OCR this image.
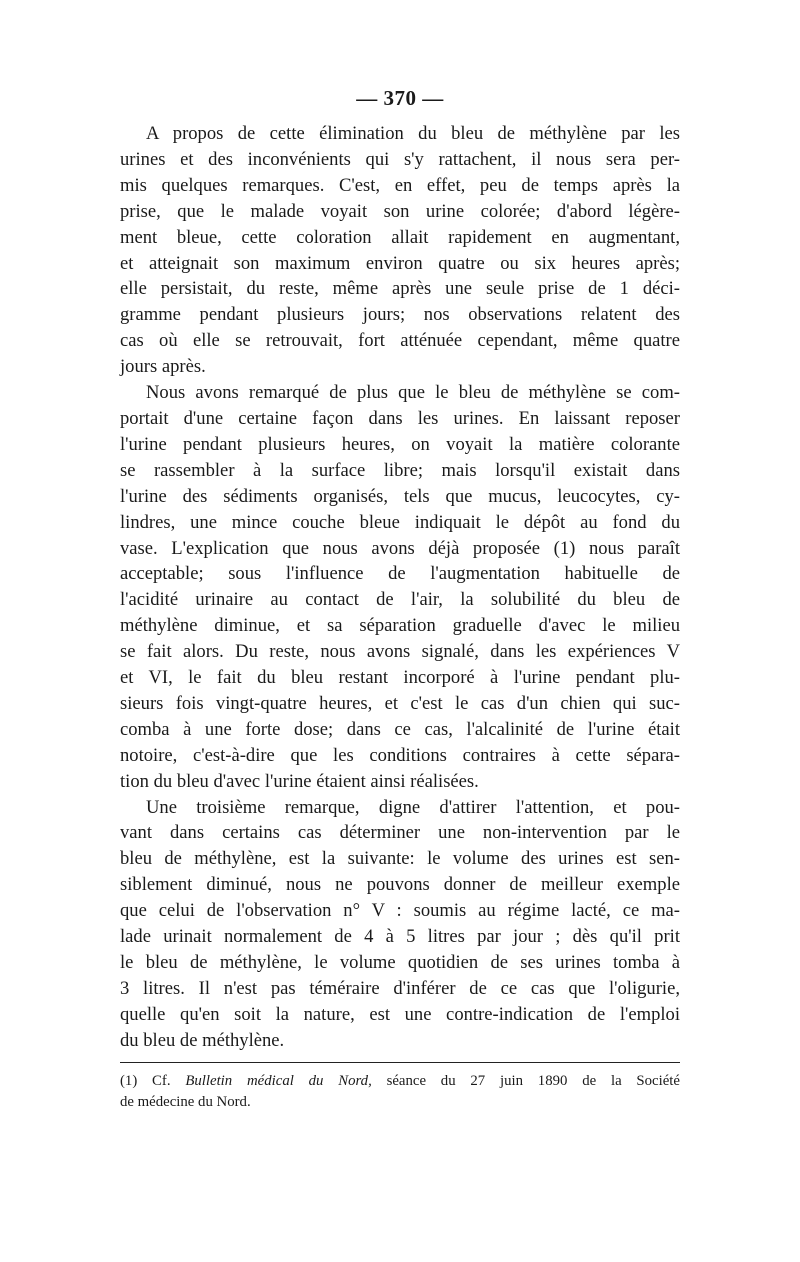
— 370 —
A propos de cette élimination du bleu de méthylène par les
urines et des inconvénients qui s'y rattachent, il nous sera per-
mis quelques remarques. C'est, en effet, peu de temps après la
prise, que le malade voyait son urine colorée; d'abord légère-
ment bleue, cette coloration allait rapidement en augmentant,
et atteignait son maximum environ quatre ou six heures après;
elle persistait, du reste, même après une seule prise de 1 déci-
gramme pendant plusieurs jours; nos observations relatent des
cas où elle se retrouvait, fort atténuée cependant, même quatre
jours après.
Nous avons remarqué de plus que le bleu de méthylène se com-
portait d'une certaine façon dans les urines. En laissant reposer
l'urine pendant plusieurs heures, on voyait la matière colorante
se rassembler à la surface libre; mais lorsqu'il existait dans
l'urine des sédiments organisés, tels que mucus, leucocytes, cy-
lindres, une mince couche bleue indiquait le dépôt au fond du
vase. L'explication que nous avons déjà proposée (1) nous paraît
acceptable; sous l'influence de l'augmentation habituelle de
l'acidité urinaire au contact de l'air, la solubilité du bleu de
méthylène diminue, et sa séparation graduelle d'avec le milieu
se fait alors. Du reste, nous avons signalé, dans les expériences V
et VI, le fait du bleu restant incorporé à l'urine pendant plu-
sieurs fois vingt-quatre heures, et c'est le cas d'un chien qui suc-
comba à une forte dose; dans ce cas, l'alcalinité de l'urine était
notoire, c'est-à-dire que les conditions contraires à cette sépara-
tion du bleu d'avec l'urine étaient ainsi réalisées.
Une troisième remarque, digne d'attirer l'attention, et pou-
vant dans certains cas déterminer une non-intervention par le
bleu de méthylène, est la suivante: le volume des urines est sen-
siblement diminué, nous ne pouvons donner de meilleur exemple
que celui de l'observation n° V : soumis au régime lacté, ce ma-
lade urinait normalement de 4 à 5 litres par jour ; dès qu'il prit
le bleu de méthylène, le volume quotidien de ses urines tomba à
3 litres. Il n'est pas téméraire d'inférer de ce cas que l'oligurie,
quelle qu'en soit la nature, est une contre-indication de l'emploi
du bleu de méthylène.
(1) Cf. Bulletin médical du Nord, séance du 27 juin 1890 de la Société
de médecine du Nord.
